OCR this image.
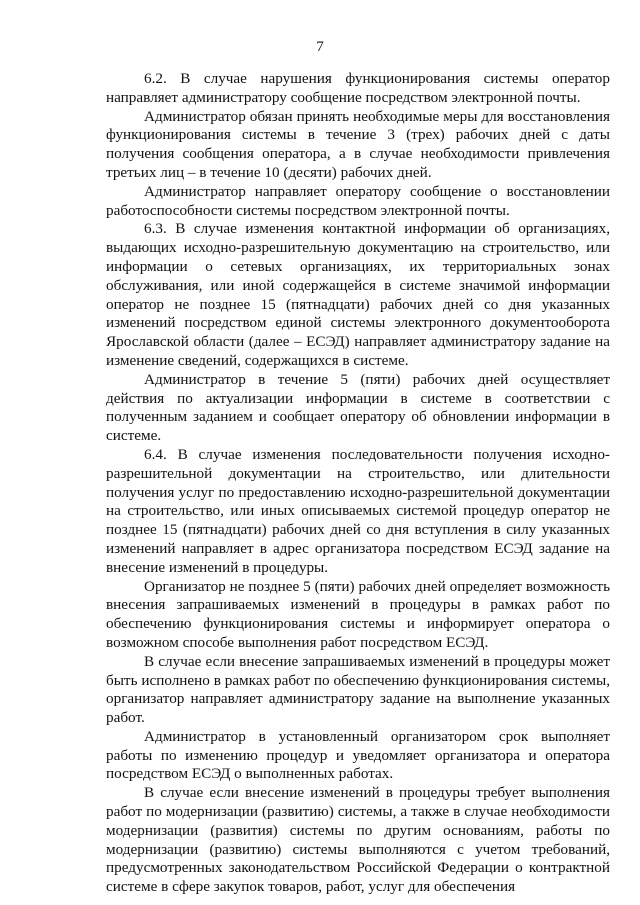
7

6.2. В случае нарушения функционирования системы оператор направляет администратору сообщение посредством электронной почты.

Администратор обязан принять необходимые меры для восстановления функционирования системы в течение 3 (трех) рабочих дней с даты получения сообщения оператора, а в случае необходимости привлечения третьих лиц – в течение 10 (десяти) рабочих дней.

Администратор направляет оператору сообщение о восстановлении работоспособности системы посредством электронной почты.

6.3. В случае изменения контактной информации об организациях, выдающих исходно-разрешительную документацию на строительство, или информации о сетевых организациях, их территориальных зонах обслуживания, или иной содержащейся в системе значимой информации оператор не позднее 15 (пятнадцати) рабочих дней со дня указанных изменений посредством единой системы электронного документооборота Ярославской области (далее – ЕСЭД) направляет администратору задание на изменение сведений, содержащихся в системе.

Администратор в течение 5 (пяти) рабочих дней осуществляет действия по актуализации информации в системе в соответствии с полученным заданием и сообщает оператору об обновлении информации в системе.

6.4. В случае изменения последовательности получения исходно-разрешительной документации на строительство, или длительности получения услуг по предоставлению исходно-разрешительной документации на строительство, или иных описываемых системой процедур оператор не позднее 15 (пятнадцати) рабочих дней со дня вступления в силу указанных изменений направляет в адрес организатора посредством ЕСЭД задание на внесение изменений в процедуры.

Организатор не позднее 5 (пяти) рабочих дней определяет возможность внесения запрашиваемых изменений в процедуры в рамках работ по обеспечению функционирования системы и информирует оператора о возможном способе выполнения работ посредством ЕСЭД.

В случае если внесение запрашиваемых изменений в процедуры может быть исполнено в рамках работ по обеспечению функционирования системы, организатор направляет администратору задание на выполнение указанных работ.

Администратор в установленный организатором срок выполняет работы по изменению процедур и уведомляет организатора и оператора посредством ЕСЭД о выполненных работах.

В случае если внесение изменений в процедуры требует выполнения работ по модернизации (развитию) системы, а также в случае необходимости модернизации (развития) системы по другим основаниям, работы по модернизации (развитию) системы выполняются с учетом требований, предусмотренных законодательством Российской Федерации о контрактной системе в сфере закупок товаров, работ, услуг для обеспечения
